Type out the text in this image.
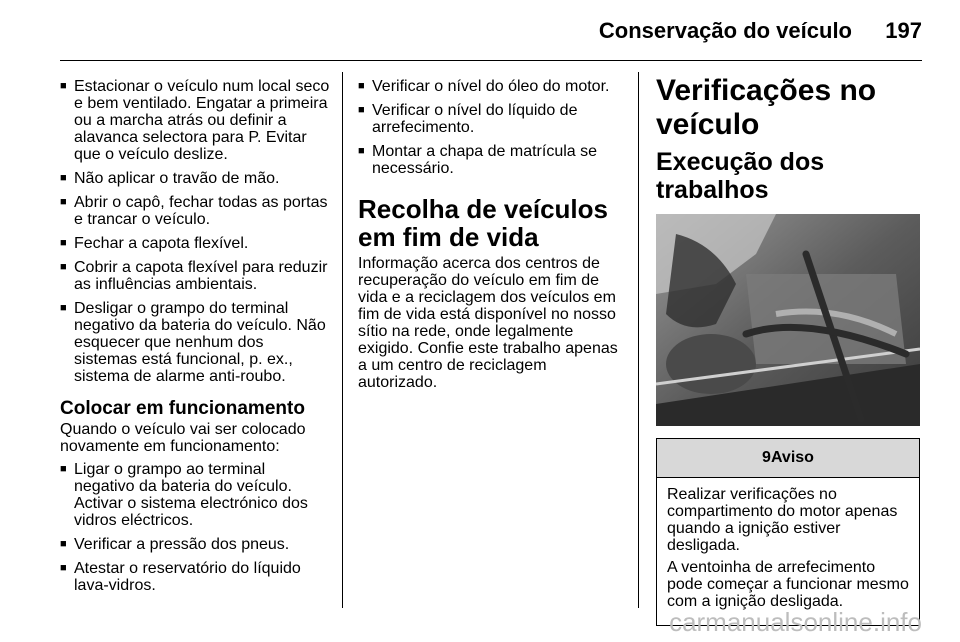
Conservação do veículo 197
■ Estacionar o veículo num local seco e bem ventilado. Engatar a primeira ou a marcha atrás ou definir a alavanca selectora para P. Evitar que o veículo deslize.
■ Não aplicar o travão de mão.
■ Abrir o capô, fechar todas as portas e trancar o veículo.
■ Fechar a capota flexível.
■ Cobrir a capota flexível para reduzir as influências ambientais.
■ Desligar o grampo do terminal negativo da bateria do veículo. Não esquecer que nenhum dos sistemas está funcional, p. ex., sistema de alarme anti-roubo.
Colocar em funcionamento

Quando o veículo vai ser colocado novamente em funcionamento:

■ Ligar o grampo ao terminal negativo da bateria do veículo. Activar o sistema electrónico dos vidros eléctricos.
■ Verificar a pressão dos pneus.
■ Atestar o reservatório do líquido lava-vidros.
■ Verificar o nível do óleo do motor.
■ Verificar o nível do líquido de arrefecimento.
■ Montar a chapa de matrícula se necessário.
Recolha de veículos em fim de vida

Informação acerca dos centros de recuperação do veículo em fim de vida e a reciclagem dos veículos em fim de vida está disponível no nosso sítio na rede, onde legalmente exigido. Confie este trabalho apenas a um centro de reciclagem autorizado.

Verificações no veículo
Execução dos trabalhos
9Aviso

Realizar verificações no compartimento do motor apenas quando a ignição estiver desligada.

A ventoinha de arrefecimento pode começar a funcionar mesmo com a ignição desligada.

carmanualsonline.info
